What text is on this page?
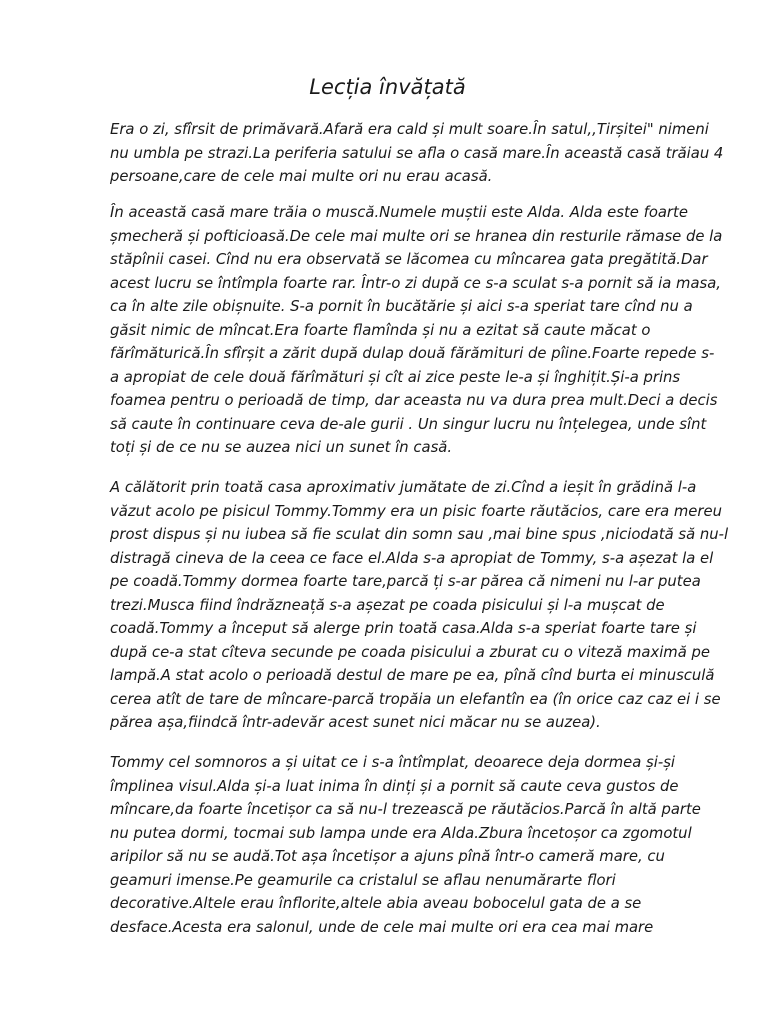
Lecția învățată
Era o zi, sfîrsit de primăvară.Afară era cald și mult soare.În satul,,Tirșitei" nimeni
nu umbla pe strazi.La periferia satului se afla o casă mare.În această casă trăiau 4
persoane,care de cele mai multe ori nu erau acasă.
În această casă mare trăia o muscă.Numele muștii este Alda. Alda este foarte
șmecheră și pofticioasă.De cele mai multe ori se hranea din resturile rămase de la
stăpînii casei. Cînd nu era observată se lăcomea cu mîncarea gata pregătită.Dar
acest lucru se întîmpla foarte rar. Într-o zi după ce s-a sculat s-a pornit să ia masa,
ca în alte zile obișnuite. S-a pornit în bucătărie și aici s-a speriat tare cînd nu a
găsit nimic de mîncat.Era foarte flamînda și nu a ezitat să caute măcat o
fărîmăturică.În sfîrșit a zărit după dulap două fărămituri de pîine.Foarte repede s-
a apropiat de cele două fărîmături și cît ai zice peste le-a și înghițit.Și-a prins
foamea pentru o perioadă de timp, dar aceasta nu va dura prea mult.Deci a decis
să caute în continuare ceva de-ale gurii . Un singur lucru nu înțelegea, unde sînt
toți și de ce nu se auzea nici un sunet în casă.
A călătorit prin toată casa aproximativ jumătate de zi.Cînd a ieșit în grădină l-a
văzut acolo pe pisicul Tommy.Tommy era un pisic foarte răutăcios, care era mereu
prost dispus și nu iubea să fie sculat din somn sau ,mai bine spus ,niciodată să nu-l
distragă cineva de la ceea ce face el.Alda s-a apropiat de Tommy, s-a așezat la el
pe coadă.Tommy dormea foarte tare,parcă ți s-ar părea că nimeni nu l-ar putea
trezi.Musca fiind îndrăzneață s-a așezat pe coada pisicului și l-a mușcat de
coadă.Tommy a început să alerge prin toată casa.Alda s-a speriat foarte tare și
după ce-a stat cîteva secunde pe coada pisicului a zburat cu o viteză maximă pe
lampă.A stat acolo o perioadă destul de mare pe ea, pînă cînd burta ei minusculă
cerea atît de tare de mîncare-parcă tropăia un elefantîn ea (în orice caz caz ei i se
părea așa,fiindcă într-adevăr acest sunet nici măcar nu se auzea).
Tommy cel somnoros a și uitat ce i s-a întîmplat, deoarece deja dormea și-și
împlinea visul.Alda și-a luat inima în dinți și a pornit să caute ceva gustos de
mîncare,da foarte încetișor ca să nu-l trezească pe răutăcios.Parcă în altă parte
nu putea dormi, tocmai sub lampa unde era Alda.Zbura încetoșor ca zgomotul
aripilor să nu se audă.Tot așa încetișor a ajuns pînă într-o cameră mare, cu
geamuri imense.Pe geamurile ca cristalul se aflau nenumărarte flori
decorative.Altele erau înflorite,altele abia aveau bobocelul gata de a se
desface.Acesta era salonul, unde de cele mai multe ori era cea mai mare
